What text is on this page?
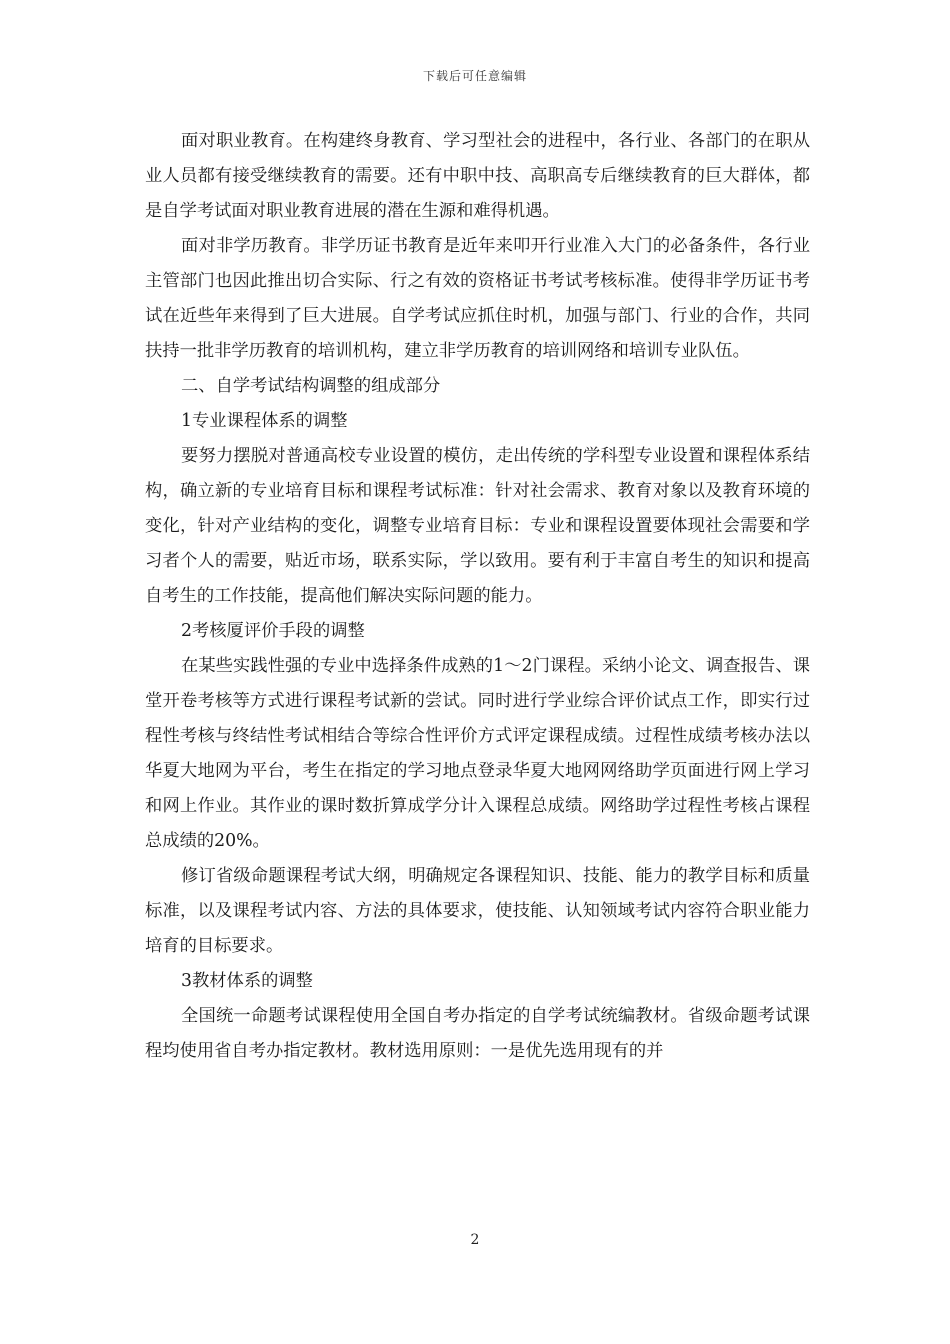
下载后可任意编辑

面对职业教育。在构建终身教育、学习型社会的进程中，各行业、各部门的在职从业人员都有接受继续教育的需要。还有中职中技、高职高专后继续教育的巨大群体，都是自学考试面对职业教育进展的潜在生源和难得机遇。

面对非学历教育。非学历证书教育是近年来叩开行业准入大门的必备条件，各行业主管部门也因此推出切合实际、行之有效的资格证书考试考核标准。使得非学历证书考试在近些年来得到了巨大进展。自学考试应抓住时机，加强与部门、行业的合作，共同扶持一批非学历教育的培训机构，建立非学历教育的培训网络和培训专业队伍。

二、自学考试结构调整的组成部分

1专业课程体系的调整

要努力摆脱对普通高校专业设置的模仿，走出传统的学科型专业设置和课程体系结构，确立新的专业培育目标和课程考试标准：针对社会需求、教育对象以及教育环境的变化，针对产业结构的变化，调整专业培育目标：专业和课程设置要体现社会需要和学习者个人的需要，贴近市场，联系实际，学以致用。要有利于丰富自考生的知识和提高自考生的工作技能，提高他们解决实际问题的能力。

2考核厦评价手段的调整

在某些实践性强的专业中选择条件成熟的1～2门课程。采纳小论文、调查报告、课堂开卷考核等方式进行课程考试新的尝试。同时进行学业综合评价试点工作，即实行过程性考核与终结性考试相结合等综合性评价方式评定课程成绩。过程性成绩考核办法以华夏大地网为平台，考生在指定的学习地点登录华夏大地网网络助学页面进行网上学习和网上作业。其作业的课时数折算成学分计入课程总成绩。网络助学过程性考核占课程总成绩的20%。

修订省级命题课程考试大纲，明确规定各课程知识、技能、能力的教学目标和质量标准，以及课程考试内容、方法的具体要求，使技能、认知领域考试内容符合职业能力培育的目标要求。

3教材体系的调整

全国统一命题考试课程使用全国自考办指定的自学考试统编教材。省级命题考试课程均使用省自考办指定教材。教材选用原则：一是优先选用现有的并

2
